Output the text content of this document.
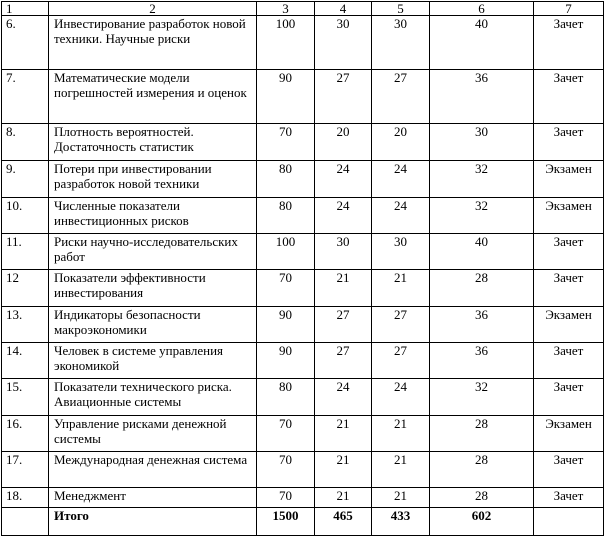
1	2	3	4	5	6	7
6.	Инвестирование разработок новой техники. Научные риски	100	30	30	40	Зачет
7.	Математические модели погрешностей измерения и оценок	90	27	27	36	Зачет
8.	Плотность вероятностей. Достаточность статистик	70	20	20	30	Зачет
9.	Потери при инвестировании разработок новой техники	80	24	24	32	Экзамен
10.	Численные показатели инвестиционных рисков	80	24	24	32	Экзамен
11.	Риски научно-исследовательских работ	100	30	30	40	Зачет
12	Показатели эффективности инвестирования	70	21	21	28	Зачет
13.	Индикаторы безопасности макроэкономики	90	27	27	36	Экзамен
14.	Человек в системе управления экономикой	90	27	27	36	Зачет
15.	Показатели технического риска. Авиационные системы	80	24	24	32	Зачет
16.	Управление рисками денежной системы	70	21	21	28	Экзамен
17.	Международная денежная система	70	21	21	28	Зачет
18.	Менеджмент	70	21	21	28	Зачет
	Итого	1500	465	433	602	
